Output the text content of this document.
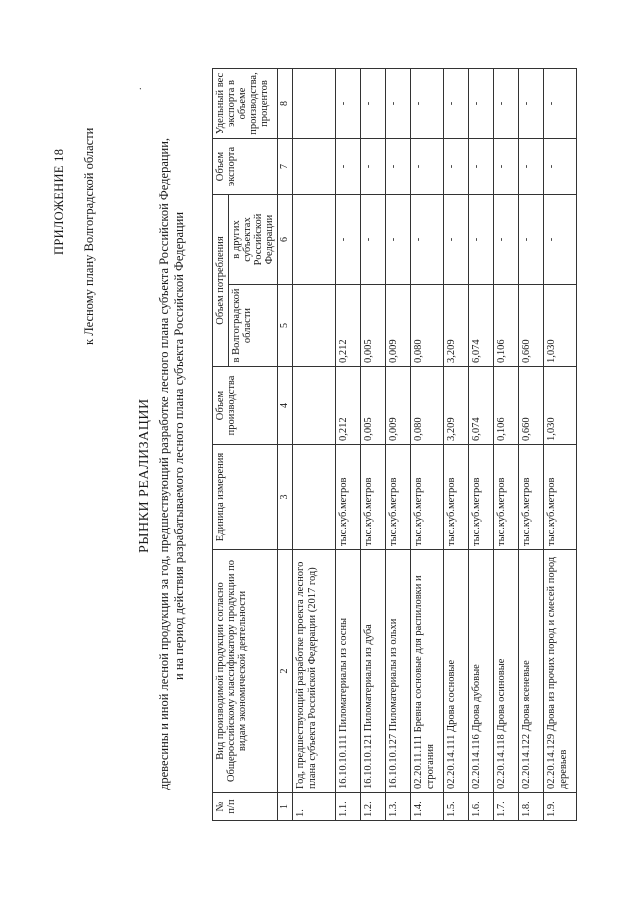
ПРИЛОЖЕНИЕ 18 к Лесному плану Волгоградской области
.
РЫНКИ РЕАЛИЗАЦИИ древесины и иной лесной продукции за год, предшествующий разработке лесного плана субъекта Российской Федерации, и на период действия разрабатываемого лесного плана субъекта Российской Федерации
№ п/п	Вид производимой продукции согласно Общероссийскому классификатору продукции по видам экономической деятельности	Единица измерения	Объем производства	Объем потребления		Объем экспорта	Удельный вес экспорта в объеме производства, процентов
				в Волгоградской области	в других субъектах Российской Федерации		
1	2	3	4	5	6	7	8
1.	Год, предшествующий разработке проекта лесного плана субъекта Российской Федерации (2017 год)						
1.1.	16.10.10.111 Пиломатериалы из сосны	тыс.куб.метров	0,212	0,212	-	-	-
1.2.	16.10.10.121 Пиломатериалы из дуба	тыс.куб.метров	0,005	0,005	-	-	-
1.3.	16.10.10.127 Пиломатериалы из ольхи	тыс.куб.метров	0,009	0,009	-	-	-
1.4.	02.20.11.111 Бревна сосновые для распиловки и строгания	тыс.куб.метров	0,080	0,080	-	-	-
1.5.	02.20.14.111 Дрова сосновые	тыс.куб.метров	3,209	3,209	-	-	-
1.6.	02.20.14.116 Дрова дубовые	тыс.куб.метров	6,074	6,074	-	-	-
1.7.	02.20.14.118 Дрова осиновые	тыс.куб.метров	0,106	0,106	-	-	-
1.8.	02.20.14.122 Дрова ясеневые	тыс.куб.метров	0,660	0,660	-	-	-
1.9.	02.20.14.129 Дрова из прочих пород и смесей пород деревьев	тыс.куб.метров	1,030	1,030	-	-	-
